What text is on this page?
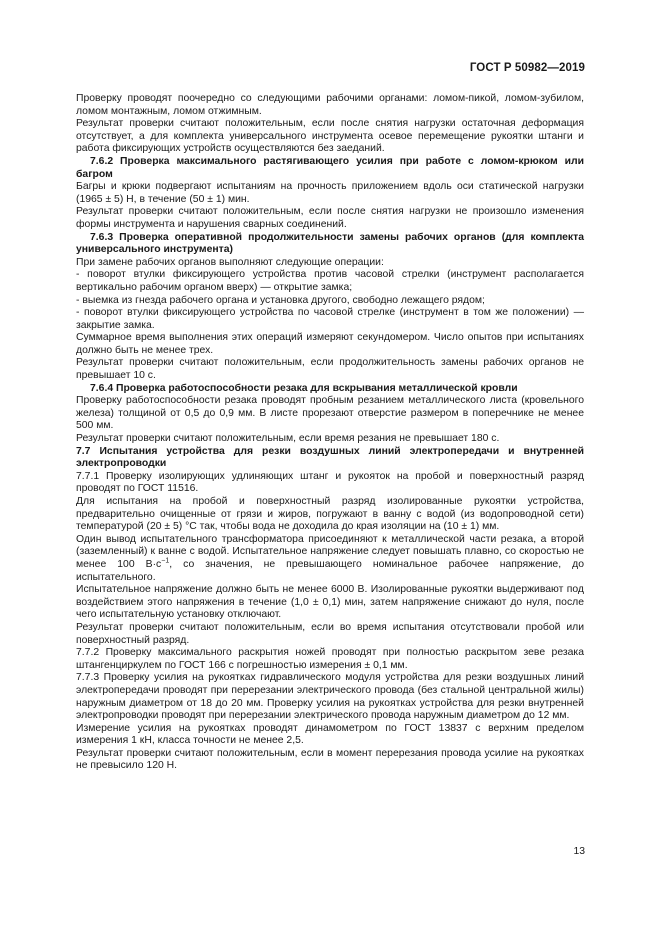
ГОСТ Р 50982—2019

Проверку проводят поочередно со следующими рабочими органами: ломом-пикой, ломом-зубилом, ломом монтажным, ломом отжимным.

Результат проверки считают положительным, если после снятия нагрузки остаточная деформация отсутствует, а для комплекта универсального инструмента осевое перемещение рукоятки штанги и работа фиксирующих устройств осуществляются без заеданий.

7.6.2 Проверка максимального растягивающего усилия при работе с ломом-крюком или багром

Багры и крюки подвергают испытаниям на прочность приложением вдоль оси статической нагрузки (1965 ± 5) Н, в течение (50 ± 1) мин.

Результат проверки считают положительным, если после снятия нагрузки не произошло изменения формы инструмента и нарушения сварных соединений.

7.6.3 Проверка оперативной продолжительности замены рабочих органов (для комплекта универсального инструмента)

При замене рабочих органов выполняют следующие операции:

- поворот втулки фиксирующего устройства против часовой стрелки (инструмент располагается вертикально рабочим органом вверх) — открытие замка;

- выемка из гнезда рабочего органа и установка другого, свободно лежащего рядом;

- поворот втулки фиксирующего устройства по часовой стрелке (инструмент в том же положении) — закрытие замка.

Суммарное время выполнения этих операций измеряют секундомером. Число опытов при испытаниях должно быть не менее трех.

Результат проверки считают положительным, если продолжительность замены рабочих органов не превышает 10 с.

7.6.4 Проверка работоспособности резака для вскрывания металлической кровли

Проверку работоспособности резака проводят пробным резанием металлического листа (кровельного железа) толщиной от 0,5 до 0,9 мм. В листе прорезают отверстие размером в поперечнике не менее 500 мм.

Результат проверки считают положительным, если время резания не превышает 180 с.

7.7 Испытания устройства для резки воздушных линий электропередачи и внутренней электропроводки

7.7.1 Проверку изолирующих удлиняющих штанг и рукояток на пробой и поверхностный разряд проводят по ГОСТ 11516.

Для испытания на пробой и поверхностный разряд изолированные рукоятки устройства, предварительно очищенные от грязи и жиров, погружают в ванну с водой (из водопроводной сети) температурой (20 ± 5) °С так, чтобы вода не доходила до края изоляции на (10 ± 1) мм.

Один вывод испытательного трансформатора присоединяют к металлической части резака, а второй (заземленный) к ванне с водой. Испытательное напряжение следует повышать плавно, со скоростью не менее 100 $В\cdot с^{-1}$, со значения, не превышающего номинальное рабочее напряжение, до испытательного.

Испытательное напряжение должно быть не менее 6000 В. Изолированные рукоятки выдерживают под воздействием этого напряжения в течение (1,0 ± 0,1) мин, затем напряжение снижают до нуля, после чего испытательную установку отключают.

Результат проверки считают положительным, если во время испытания отсутствовали пробой или поверхностный разряд.

7.7.2 Проверку максимального раскрытия ножей проводят при полностью раскрытом зеве резака штангенциркулем по ГОСТ 166 с погрешностью измерения ± 0,1 мм.

7.7.3 Проверку усилия на рукоятках гидравлического модуля устройства для резки воздушных линий электропередачи проводят при перерезании электрического провода (без стальной центральной жилы) наружным диаметром от 18 до 20 мм. Проверку усилия на рукоятках устройства для резки внутренней электропроводки проводят при перерезании электрического провода наружным диаметром до 12 мм.

Измерение усилия на рукоятках проводят динамометром по ГОСТ 13837 с верхним пределом измерения 1 кН, класса точности не менее 2,5.

Результат проверки считают положительным, если в момент перерезания провода усилие на рукоятках не превысило 120 Н.

13
